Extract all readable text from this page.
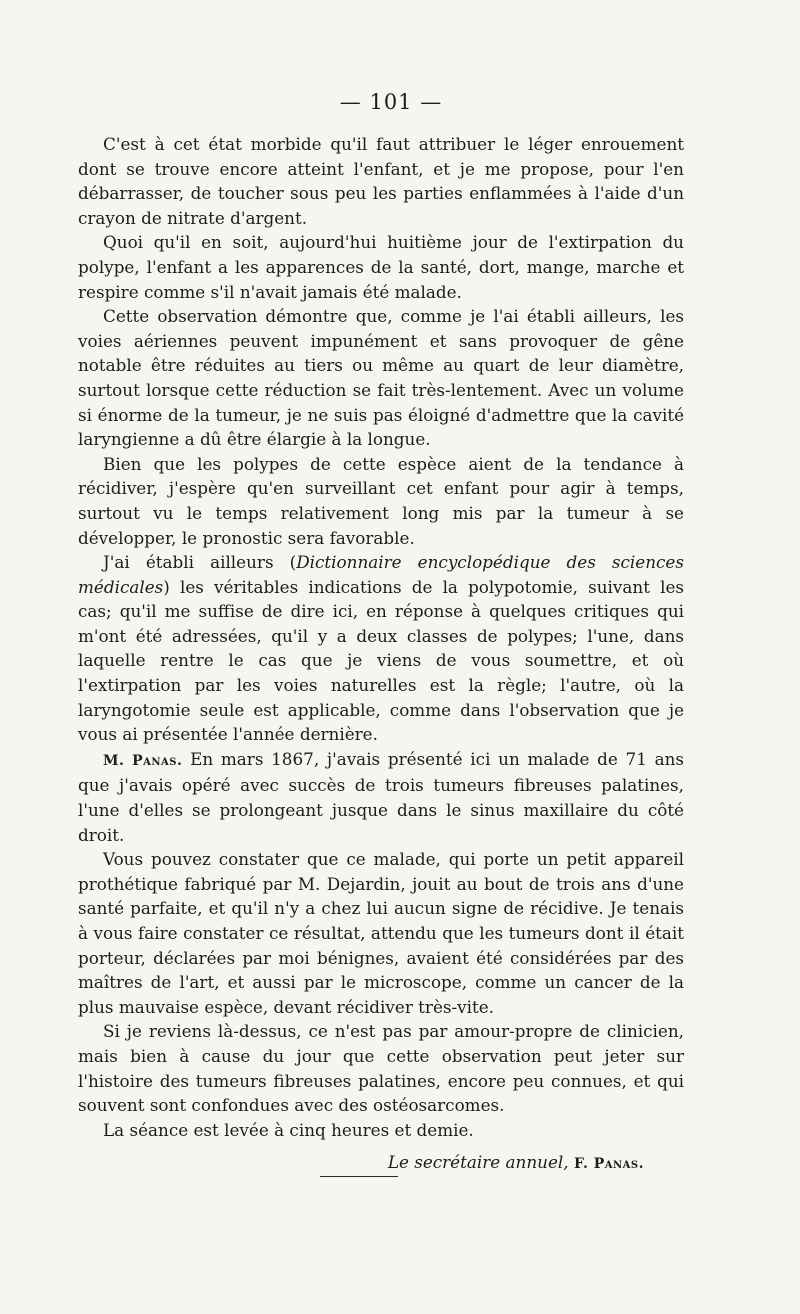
— 101 —

C'est à cet état morbide qu'il faut attribuer le léger enrouement dont se trouve encore atteint l'enfant, et je me propose, pour l'en débarrasser, de toucher sous peu les parties enflammées à l'aide d'un crayon de nitrate d'argent.

Quoi qu'il en soit, aujourd'hui huitième jour de l'extirpation du polype, l'enfant a les apparences de la santé, dort, mange, marche et respire comme s'il n'avait jamais été malade.

Cette observation démontre que, comme je l'ai établi ailleurs, les voies aériennes peuvent impunément et sans provoquer de gêne notable être réduites au tiers ou même au quart de leur diamètre, surtout lorsque cette réduction se fait très-lentement. Avec un volume si énorme de la tumeur, je ne suis pas éloigné d'admettre que la cavité laryngienne a dû être élargie à la longue.

Bien que les polypes de cette espèce aient de la tendance à récidiver, j'espère qu'en surveillant cet enfant pour agir à temps, surtout vu le temps relativement long mis par la tumeur à se développer, le pronostic sera favorable.

J'ai établi ailleurs (Dictionnaire encyclopédique des sciences médicales) les véritables indications de la polypotomie, suivant les cas; qu'il me suffise de dire ici, en réponse à quelques critiques qui m'ont été adressées, qu'il y a deux classes de polypes; l'une, dans laquelle rentre le cas que je viens de vous soumettre, et où l'extirpation par les voies naturelles est la règle; l'autre, où la laryngotomie seule est applicable, comme dans l'observation que je vous ai présentée l'année dernière.

M. Panas. En mars 1867, j'avais présenté ici un malade de 71 ans que j'avais opéré avec succès de trois tumeurs fibreuses palatines, l'une d'elles se prolongeant jusque dans le sinus maxillaire du côté droit.

Vous pouvez constater que ce malade, qui porte un petit appareil prothétique fabriqué par M. Dejardin, jouit au bout de trois ans d'une santé parfaite, et qu'il n'y a chez lui aucun signe de récidive. Je tenais à vous faire constater ce résultat, attendu que les tumeurs dont il était porteur, déclarées par moi bénignes, avaient été considérées par des maîtres de l'art, et aussi par le microscope, comme un cancer de la plus mauvaise espèce, devant récidiver très-vite.

Si je reviens là-dessus, ce n'est pas par amour-propre de clinicien, mais bien à cause du jour que cette observation peut jeter sur l'histoire des tumeurs fibreuses palatines, encore peu connues, et qui souvent sont confondues avec des ostéosarcomes.

La séance est levée à cinq heures et demie.

Le secrétaire annuel, F. Panas.
